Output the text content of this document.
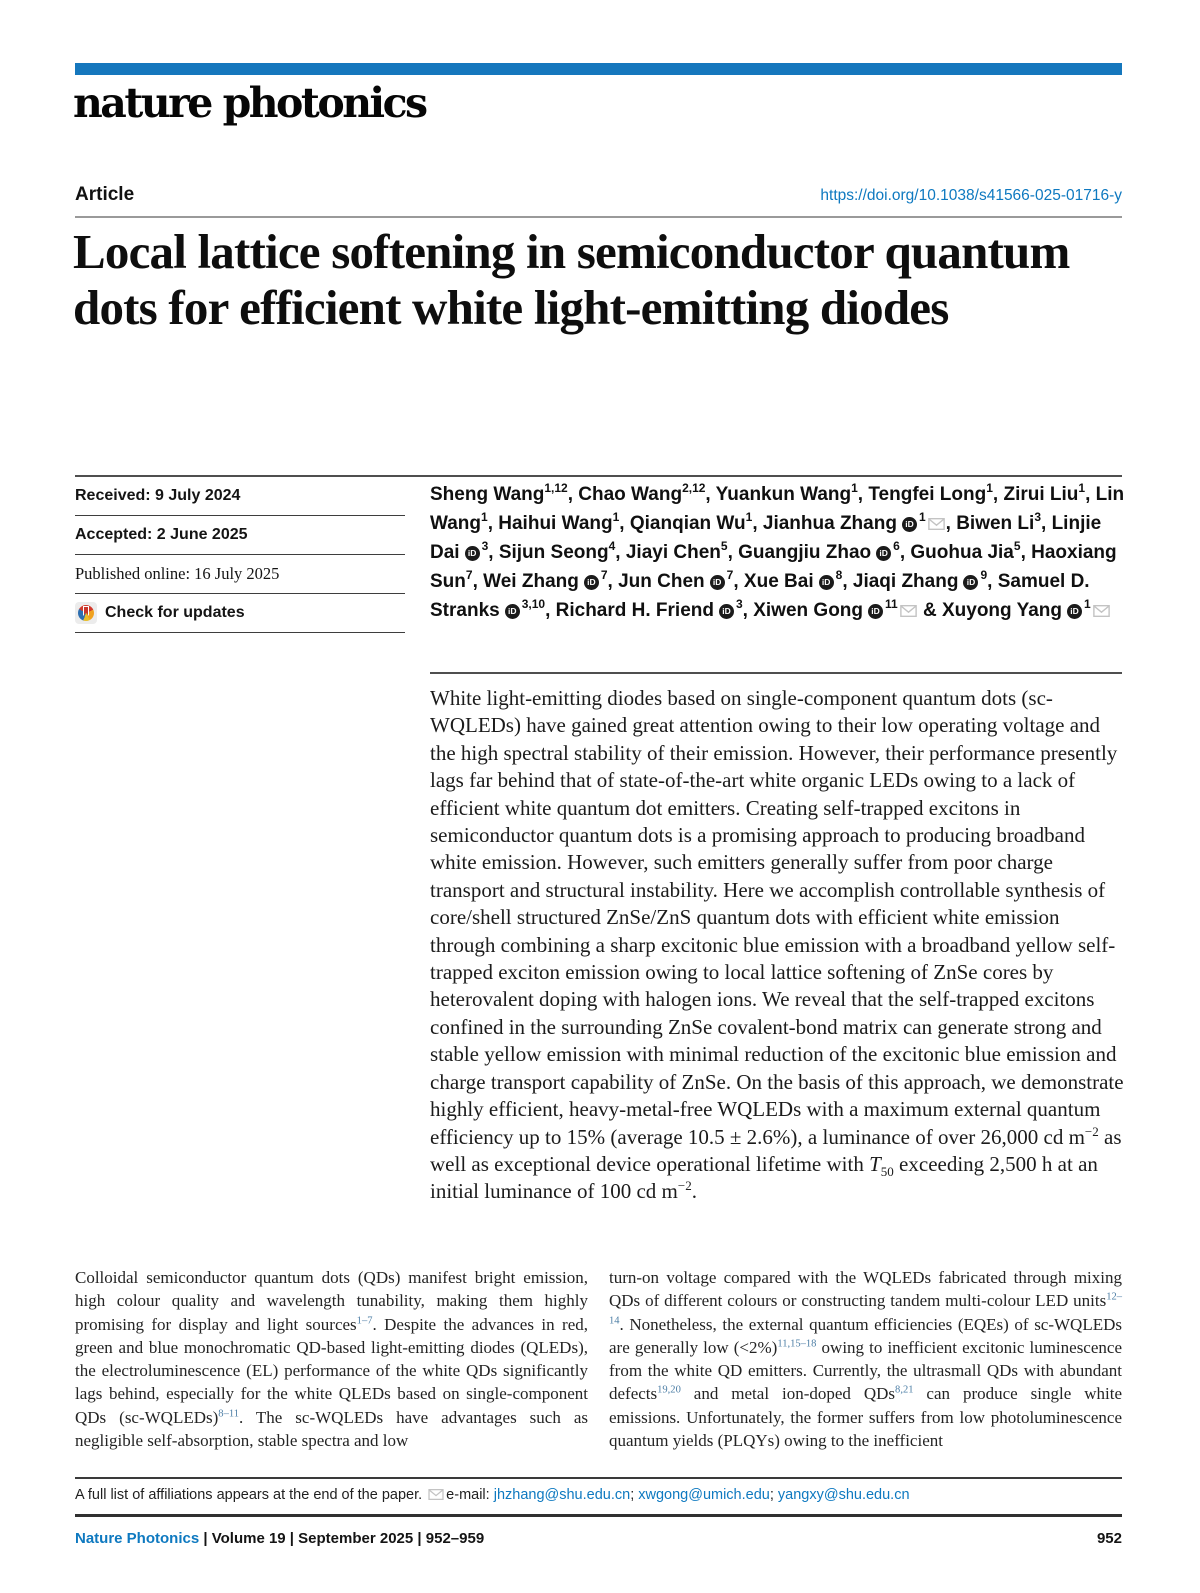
nature photonics
Article	https://doi.org/10.1038/s41566-025-01716-y
Local lattice softening in semiconductor quantum dots for efficient white light-emitting diodes
Received: 9 July 2024
Accepted: 2 June 2025
Published online: 16 July 2025
Check for updates
Sheng Wang$^{1,12}$, Chao Wang$^{2,12}$, Yuankun Wang$^1$, Tengfei Long$^1$, Zirui Liu$^1$, Lin Wang$^1$, Haihui Wang$^1$, Qianqian Wu$^1$, Jianhua Zhang $iD^1$ , Biwen Li$^3$, Linjie Dai $iD^3$, Sijun Seong$^4$, Jiayi Chen$^5$, Guangjiu Zhao $iD^6$, Guohua Jia$^5$, Haoxiang Sun$^7$, Wei Zhang $iD^7$, Jun Chen $iD^7$, Xue Bai $iD^8$, Jiaqi Zhang $iD^9$, Samuel D. Stranks iD$^{3,10}$, Richard H. Friend $iD^3$, Xiwen Gong $iD^{11}$ & Xuyong Yang $iD^1$
White light-emitting diodes based on single-component quantum dots (sc-WQLEDs) have gained great attention owing to their low operating voltage and the high spectral stability of their emission. However, their performance presently lags far behind that of state-of-the-art white organic LEDs owing to a lack of efficient white quantum dot emitters. Creating self-trapped excitons in semiconductor quantum dots is a promising approach to producing broadband white emission. However, such emitters generally suffer from poor charge transport and structural instability. Here we accomplish controllable synthesis of core/shell structured ZnSe/ZnS quantum dots with efficient white emission through combining a sharp excitonic blue emission with a broadband yellow self-trapped exciton emission owing to local lattice softening of ZnSe cores by heterovalent doping with halogen ions. We reveal that the self-trapped excitons confined in the surrounding ZnSe covalent-bond matrix can generate strong and stable yellow emission with minimal reduction of the excitonic blue emission and charge transport capability of ZnSe. On the basis of this approach, we demonstrate highly efficient, heavy-metal-free WQLEDs with a maximum external quantum efficiency up to 15% (average 10.5 ± 2.6%), a luminance of over 26,000 cd $m^{-2}$ as well as exceptional device operational lifetime with $T_{50}$ exceeding 2,500 h at an initial luminance of 100 cd $m^{-2}$.
Colloidal semiconductor quantum dots (QDs) manifest bright emission, high colour quality and wavelength tunability, making them highly promising for display and light sources$^{1-7}$. Despite the advances in red, green and blue monochromatic QD-based light-emitting diodes (QLEDs), the electroluminescence (EL) performance of the white QDs significantly lags behind, especially for the white QLEDs based on single-component QDs (sc-WQLEDs)$^{8-11}$. The sc-WQLEDs have advantages such as negligible self-absorption, stable spectra and low
turn-on voltage compared with the WQLEDs fabricated through mixing QDs of different colours or constructing tandem multi-colour LED units$^{12-14}$. Nonetheless, the external quantum efficiencies (EQEs) of sc-WQLEDs are generally low (<2%)$^{11,15-18}$ owing to inefficient excitonic luminescence from the white QD emitters. Currently, the ultrasmall QDs with abundant defects$^{19,20}$ and metal ion-doped QDs$^{8,21}$ can produce single white emissions. Unfortunately, the former suffers from low photoluminescence quantum yields (PLQYs) owing to the inefficient
A full list of affiliations appears at the end of the paper. e-mail: jhzhang@shu.edu.cn; xwgong@umich.edu; yangxy@shu.edu.cn
Nature Photonics | Volume 19 | September 2025 | 952–959	952
